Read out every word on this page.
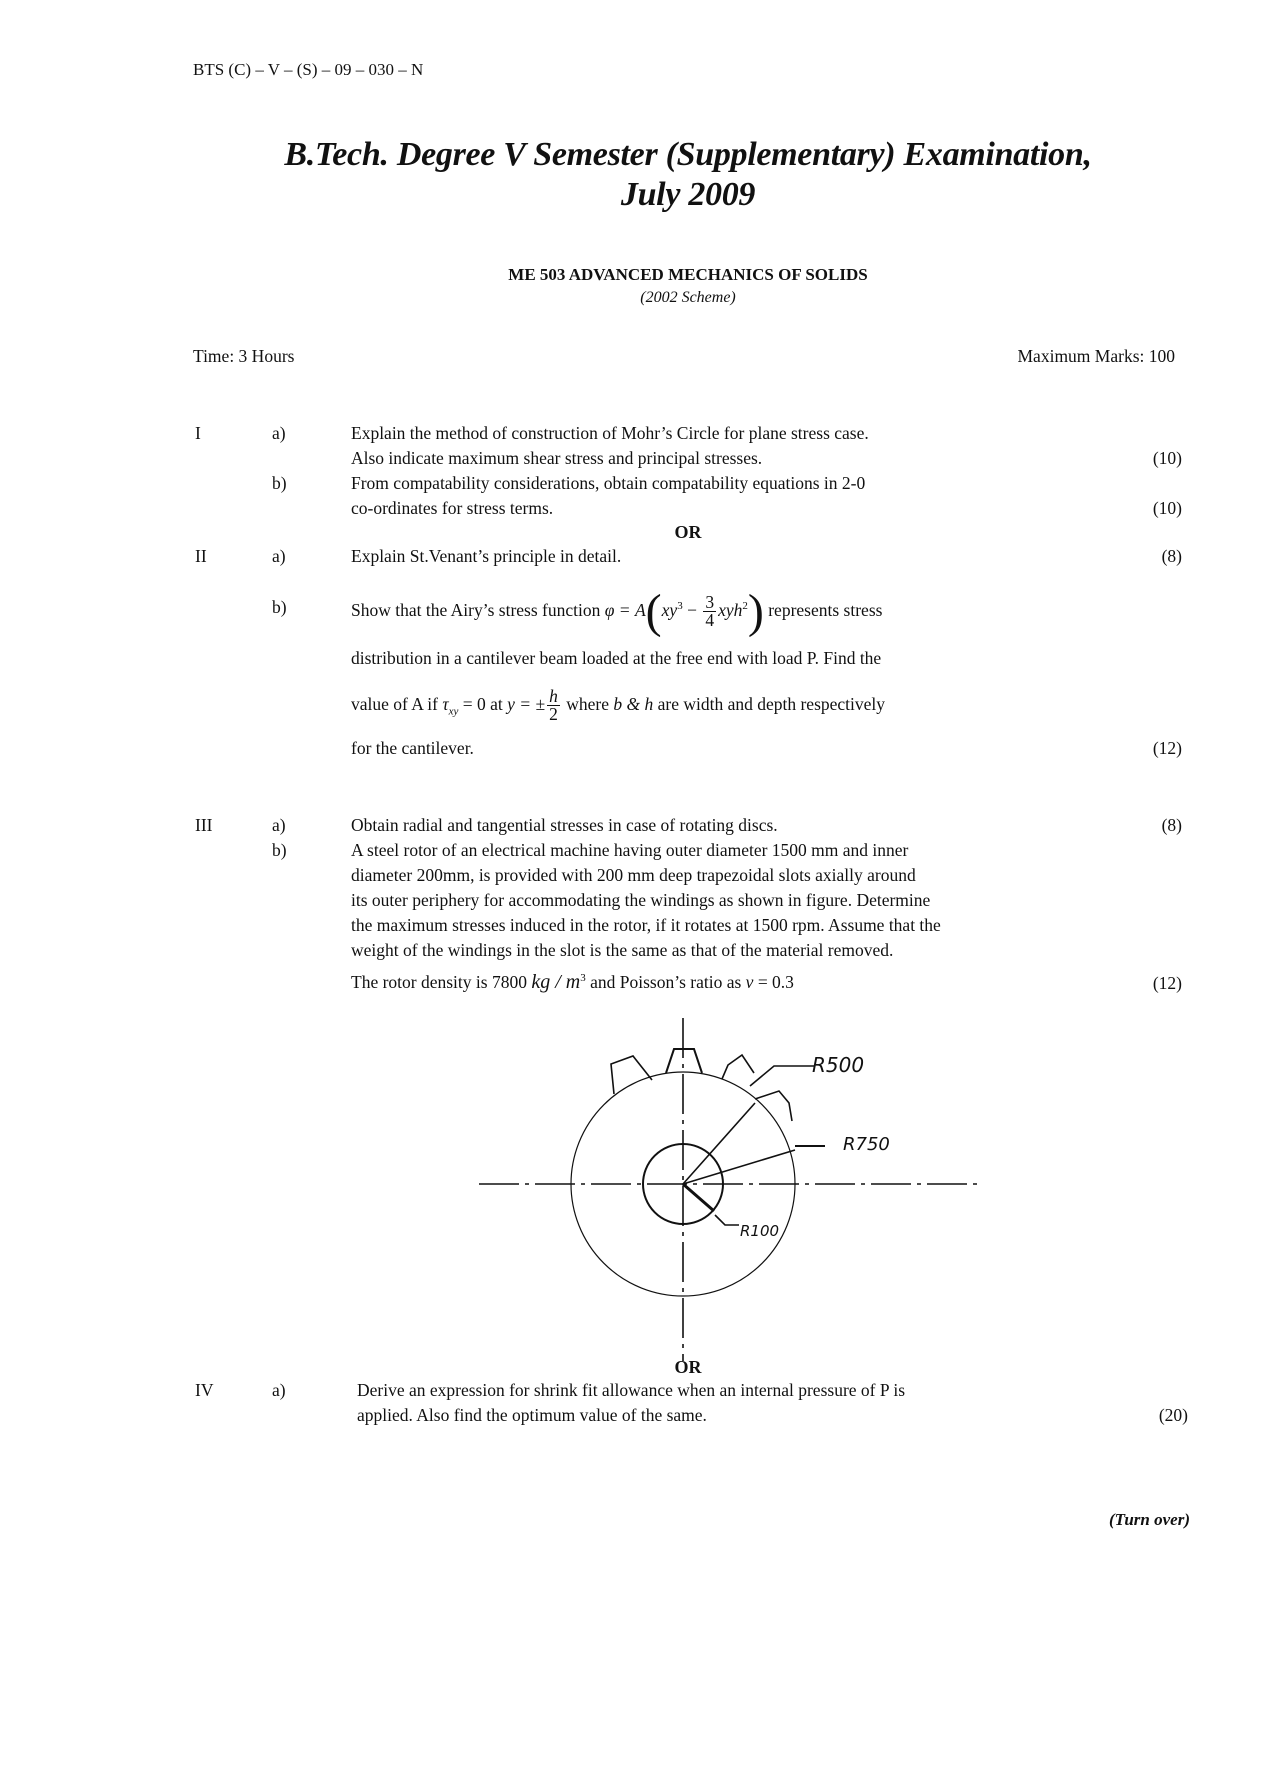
BTS (C) – V – (S) – 09 – 030 – N
B.Tech. Degree V Semester (Supplementary) Examination,
July 2009
ME 503 ADVANCED MECHANICS OF SOLIDS
(2002 Scheme)
Time: 3 Hours	Maximum Marks: 100
I	a)	Explain the method of construction of Mohr’s Circle for plane stress case.
Also indicate maximum shear stress and principal stresses.	(10)
b)	From compatability considerations, obtain compatability equations in 2-0
co-ordinates for stress terms.	(10)
OR
II	a)	Explain St.Venant’s principle in detail.	(8)
b)	Show that the Airy’s stress function $\varphi = A(xy^3 - \frac{3}{4} xyh^2)$ represents stress
distribution in a cantilever beam loaded at the free end with load P. Find the
value of A if $\tau_{xy} = 0$ at y = ± $\frac{h}{2}$ where b & h are width and depth respectively
for the cantilever.	(12)
III	a)	Obtain radial and tangential stresses in case of rotating discs.	(8)
b)	A steel rotor of an electrical machine having outer diameter 1500 mm and inner
diameter 200mm, is provided with 200 mm deep trapezoidal slots axially around
its outer periphery for accommodating the windings as shown in figure. Determine
the maximum stresses induced in the rotor, if it rotates at 1500 rpm. Assume that the
weight of the windings in the slot is the same as that of the material removed.
The rotor density is 7800 kg / $m^3$ and Poisson’s ratio as ν = 0.3	(12)
R500
R750
R100
OR
IV	a)	Derive an expression for shrink fit allowance when an internal pressure of P is
applied. Also find the optimum value of the same.	(20)
(Turn over)
